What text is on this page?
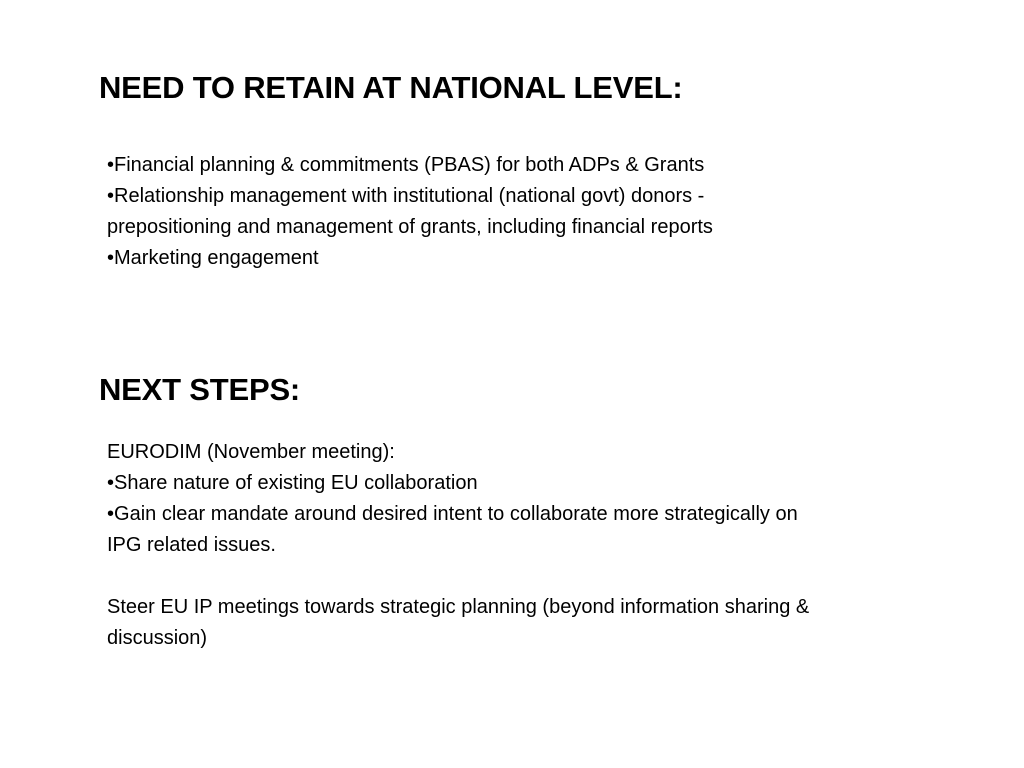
NEED TO RETAIN AT NATIONAL LEVEL:
•Financial planning & commitments (PBAS) for both ADPs & Grants
•Relationship management with institutional (national govt) donors -
prepositioning and management of grants, including financial reports
•Marketing engagement
NEXT STEPS:
EURODIM (November meeting):
•Share nature of existing EU collaboration
•Gain clear mandate around desired intent to collaborate more strategically on
IPG related issues.
Steer EU IP meetings towards strategic planning (beyond information sharing &
discussion)
